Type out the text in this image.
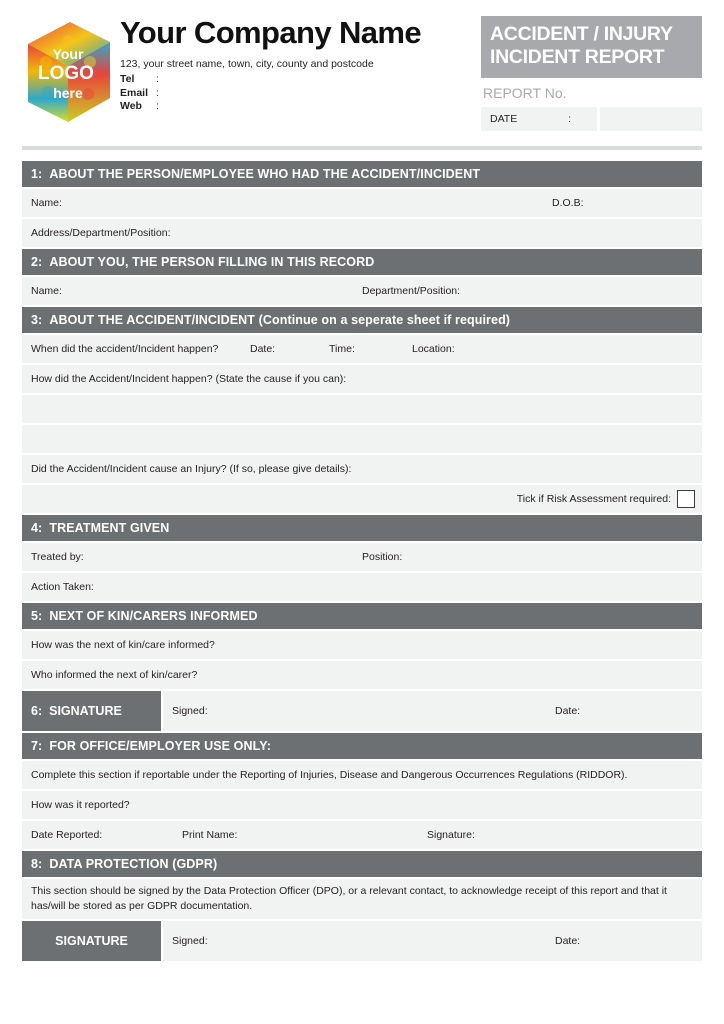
Your
LOGO
here
Your Company Name
123, your street name, town, city, county and postcode
Tel	:
Email :
Web	:
ACCIDENT / INJURY
INCIDENT REPORT
REPORT No.
DATE	:
1: ABOUT THE PERSON/EMPLOYEE WHO HAD THE ACCIDENT/INCIDENT
Name:	D.O.B:
Address/Department/Position:
2: ABOUT YOU, THE PERSON FILLING IN THIS RECORD
Name:	Department/Position:
3: ABOUT THE ACCIDENT/INCIDENT (Continue on a seperate sheet if required)
When did the accident/Incident happen?	Date:	Time:	Location:
How did the Accident/Incident happen? (State the cause if you can):
Did the Accident/Incident cause an Injury? (If so, please give details):
Tick if Risk Assessment required:
4: TREATMENT GIVEN
Treated by:	Position:
Action Taken:
5: NEXT OF KIN/CARERS INFORMED
How was the next of kin/care informed?
Who informed the next of kin/carer?
6: SIGNATURE	Signed:	Date:
7: FOR OFFICE/EMPLOYER USE ONLY:
Complete this section if reportable under the Reporting of Injuries, Disease and Dangerous Occurrences Regulations (RIDDOR).
How was it reported?
Date Reported:	Print Name:	Signature:
8: DATA PROTECTION (GDPR)
This section should be signed by the Data Protection Officer (DPO), or a relevant contact, to acknowledge receipt of this report and that it has/will be stored as per GDPR documentation.
SIGNATURE	Signed:	Date:
